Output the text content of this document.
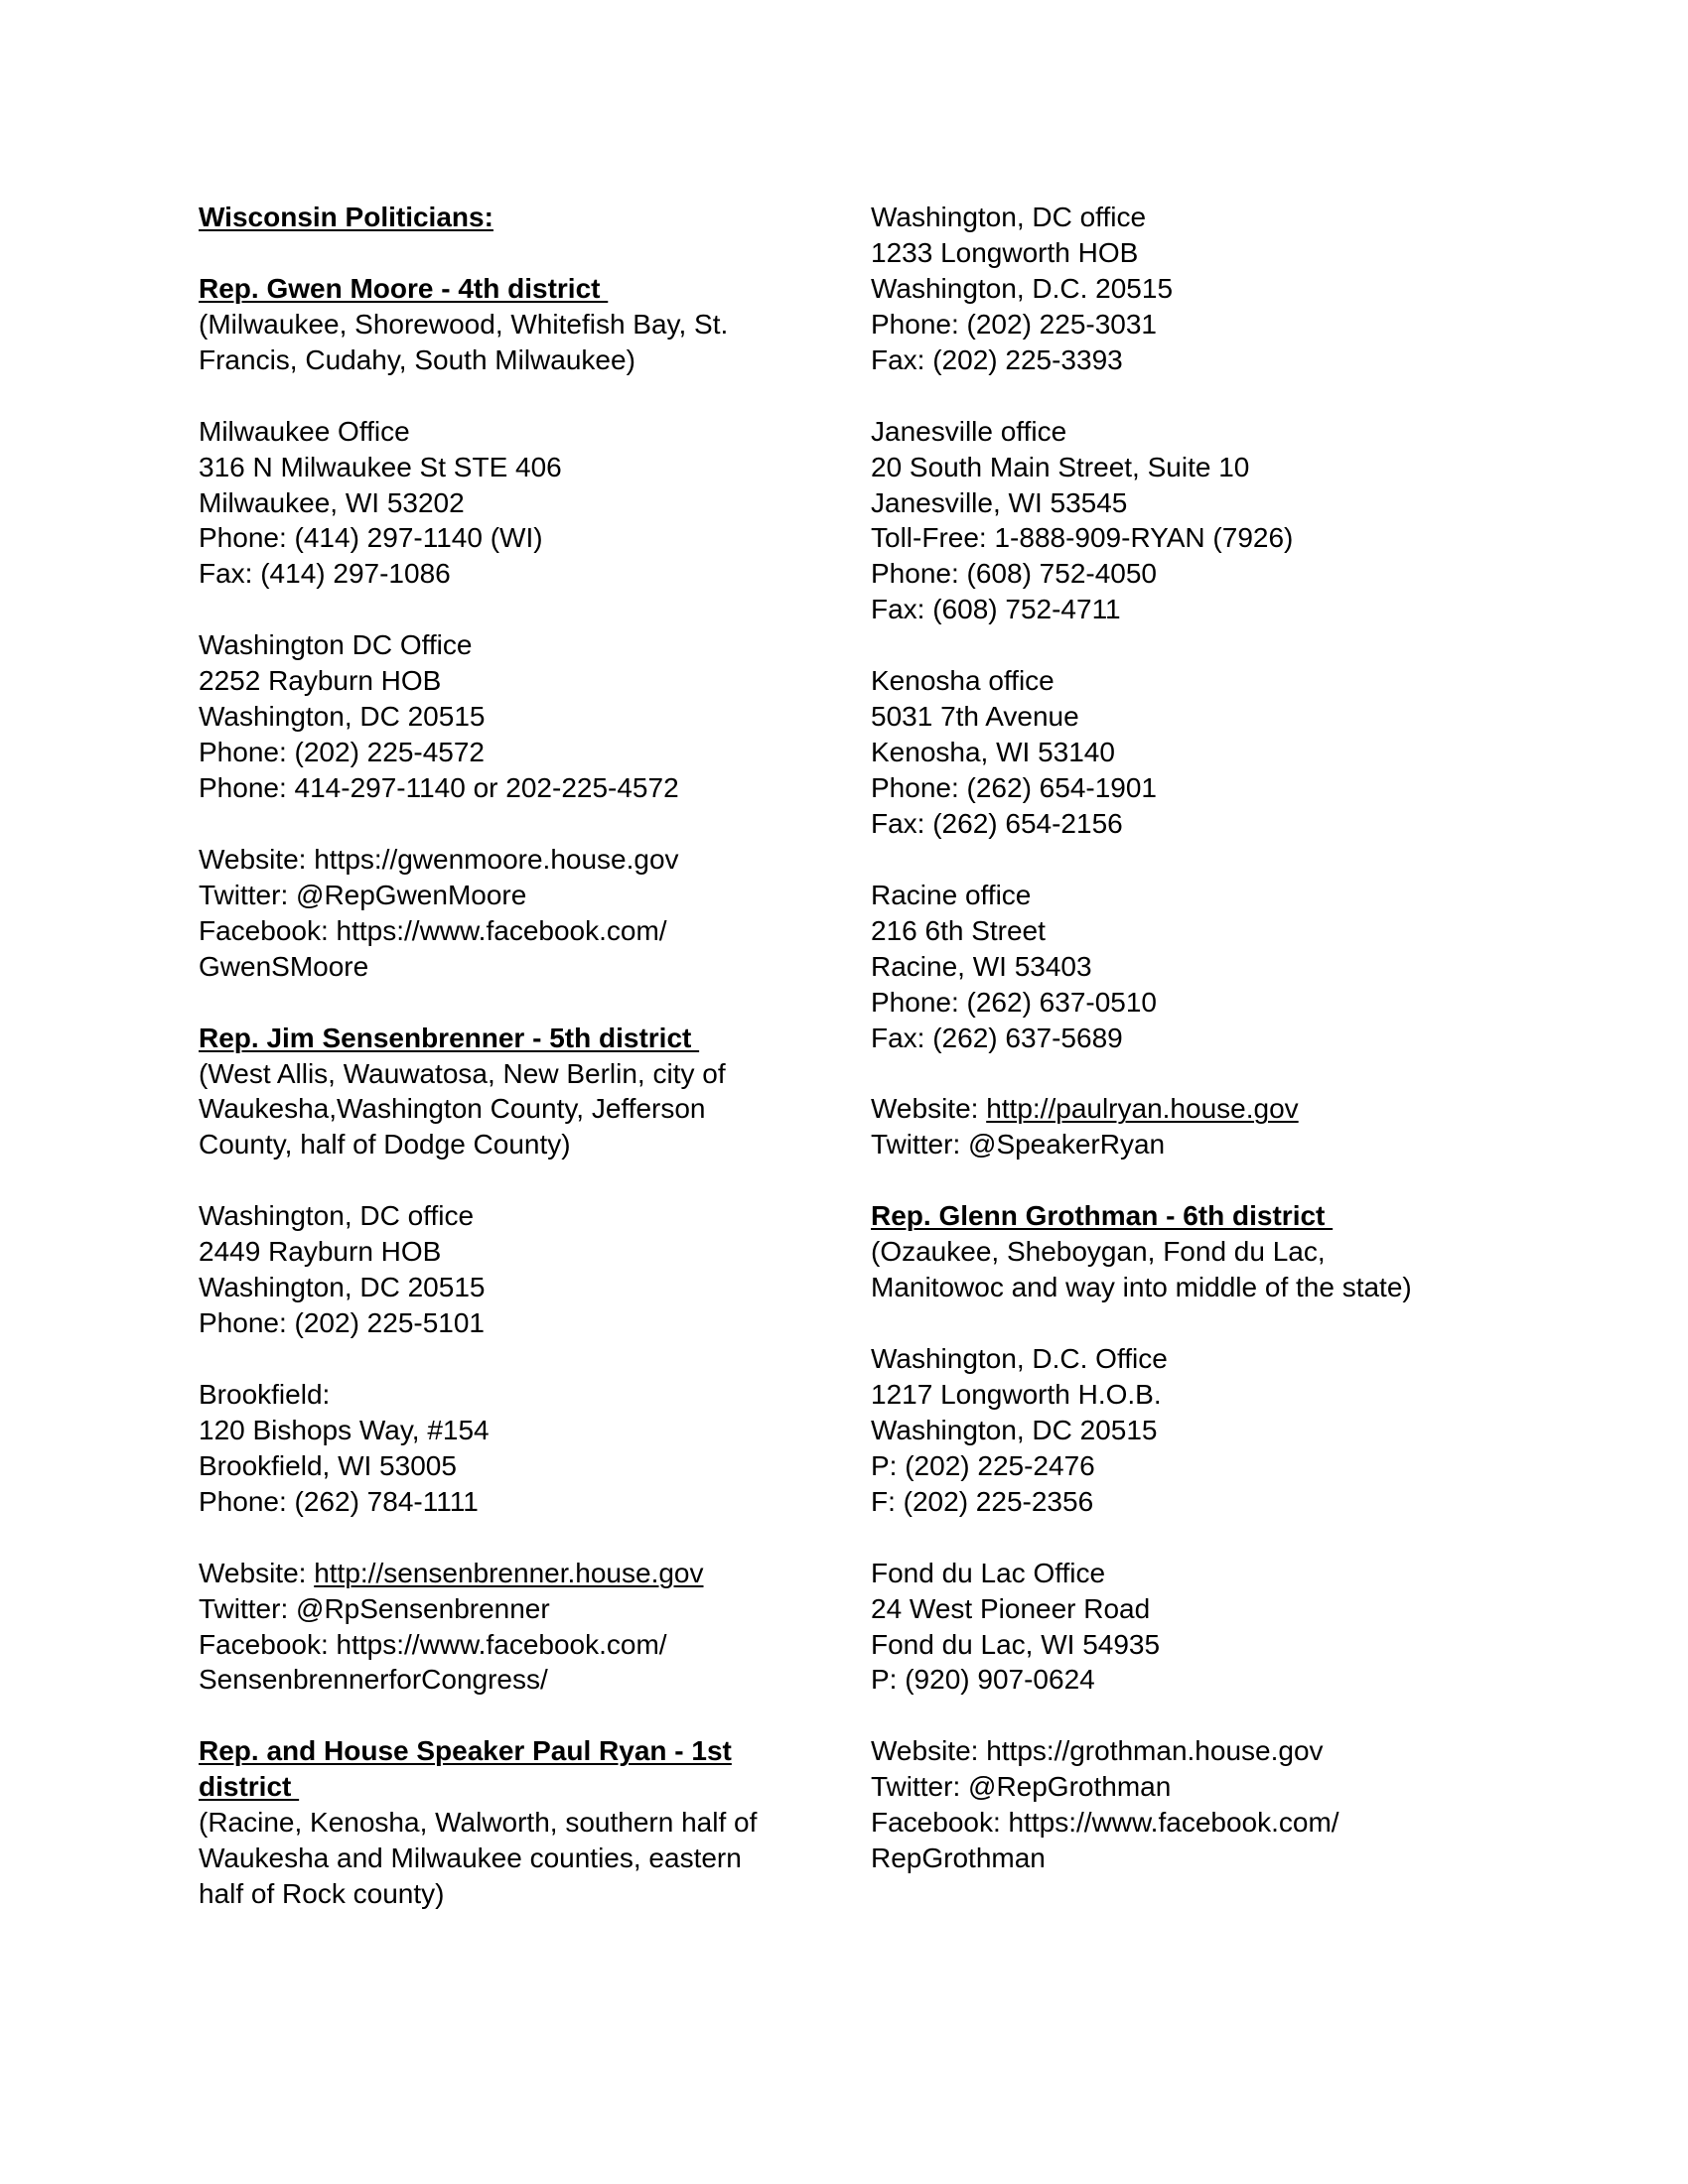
Wisconsin Politicians:
Rep. Gwen Moore - 4th district
(Milwaukee, Shorewood, Whitefish Bay, St.
Francis, Cudahy, South Milwaukee)
Milwaukee Office
316 N Milwaukee St STE 406
Milwaukee, WI 53202
Phone: (414) 297-1140 (WI)
Fax: (414) 297-1086
Washington DC Office
2252 Rayburn HOB
Washington, DC 20515
Phone: (202) 225-4572
Phone: 414-297-1140 or 202-225-4572
Website: https://gwenmoore.house.gov
Twitter: @RepGwenMoore
Facebook: https://www.facebook.com/
GwenSMoore
Rep. Jim Sensenbrenner - 5th district
(West Allis, Wauwatosa, New Berlin, city of
Waukesha,Washington County, Jefferson
County, half of Dodge County)
Washington, DC office
2449 Rayburn HOB
Washington, DC 20515
Phone: (202) 225-5101
Brookfield:
120 Bishops Way, #154
Brookfield, WI 53005
Phone: (262) 784-1111
Website: http://sensenbrenner.house.gov
Twitter: @RpSensenbrenner
Facebook: https://www.facebook.com/
SensenbrennerforCongress/
Rep. and House Speaker Paul Ryan - 1st
district
(Racine, Kenosha, Walworth, southern half of
Waukesha and Milwaukee counties, eastern
half of Rock county)
Washington, DC office
1233 Longworth HOB
Washington, D.C. 20515
Phone: (202) 225-3031
Fax: (202) 225-3393
Janesville office
20 South Main Street, Suite 10
Janesville, WI 53545
Toll-Free: 1-888-909-RYAN (7926)
Phone: (608) 752-4050
Fax: (608) 752-4711
Kenosha office
5031 7th Avenue
Kenosha, WI 53140
Phone: (262) 654-1901
Fax: (262) 654-2156
Racine office
216 6th Street
Racine, WI 53403
Phone: (262) 637-0510
Fax: (262) 637-5689
Website: http://paulryan.house.gov
Twitter: @SpeakerRyan
Rep. Glenn Grothman - 6th district
(Ozaukee, Sheboygan, Fond du Lac,
Manitowoc and way into middle of the state)
Washington, D.C. Office
1217 Longworth H.O.B.
Washington, DC 20515
P: (202) 225-2476
F: (202) 225-2356
Fond du Lac Office
24 West Pioneer Road
Fond du Lac, WI 54935
P: (920) 907-0624
Website: https://grothman.house.gov
Twitter: @RepGrothman
Facebook: https://www.facebook.com/
RepGrothman
